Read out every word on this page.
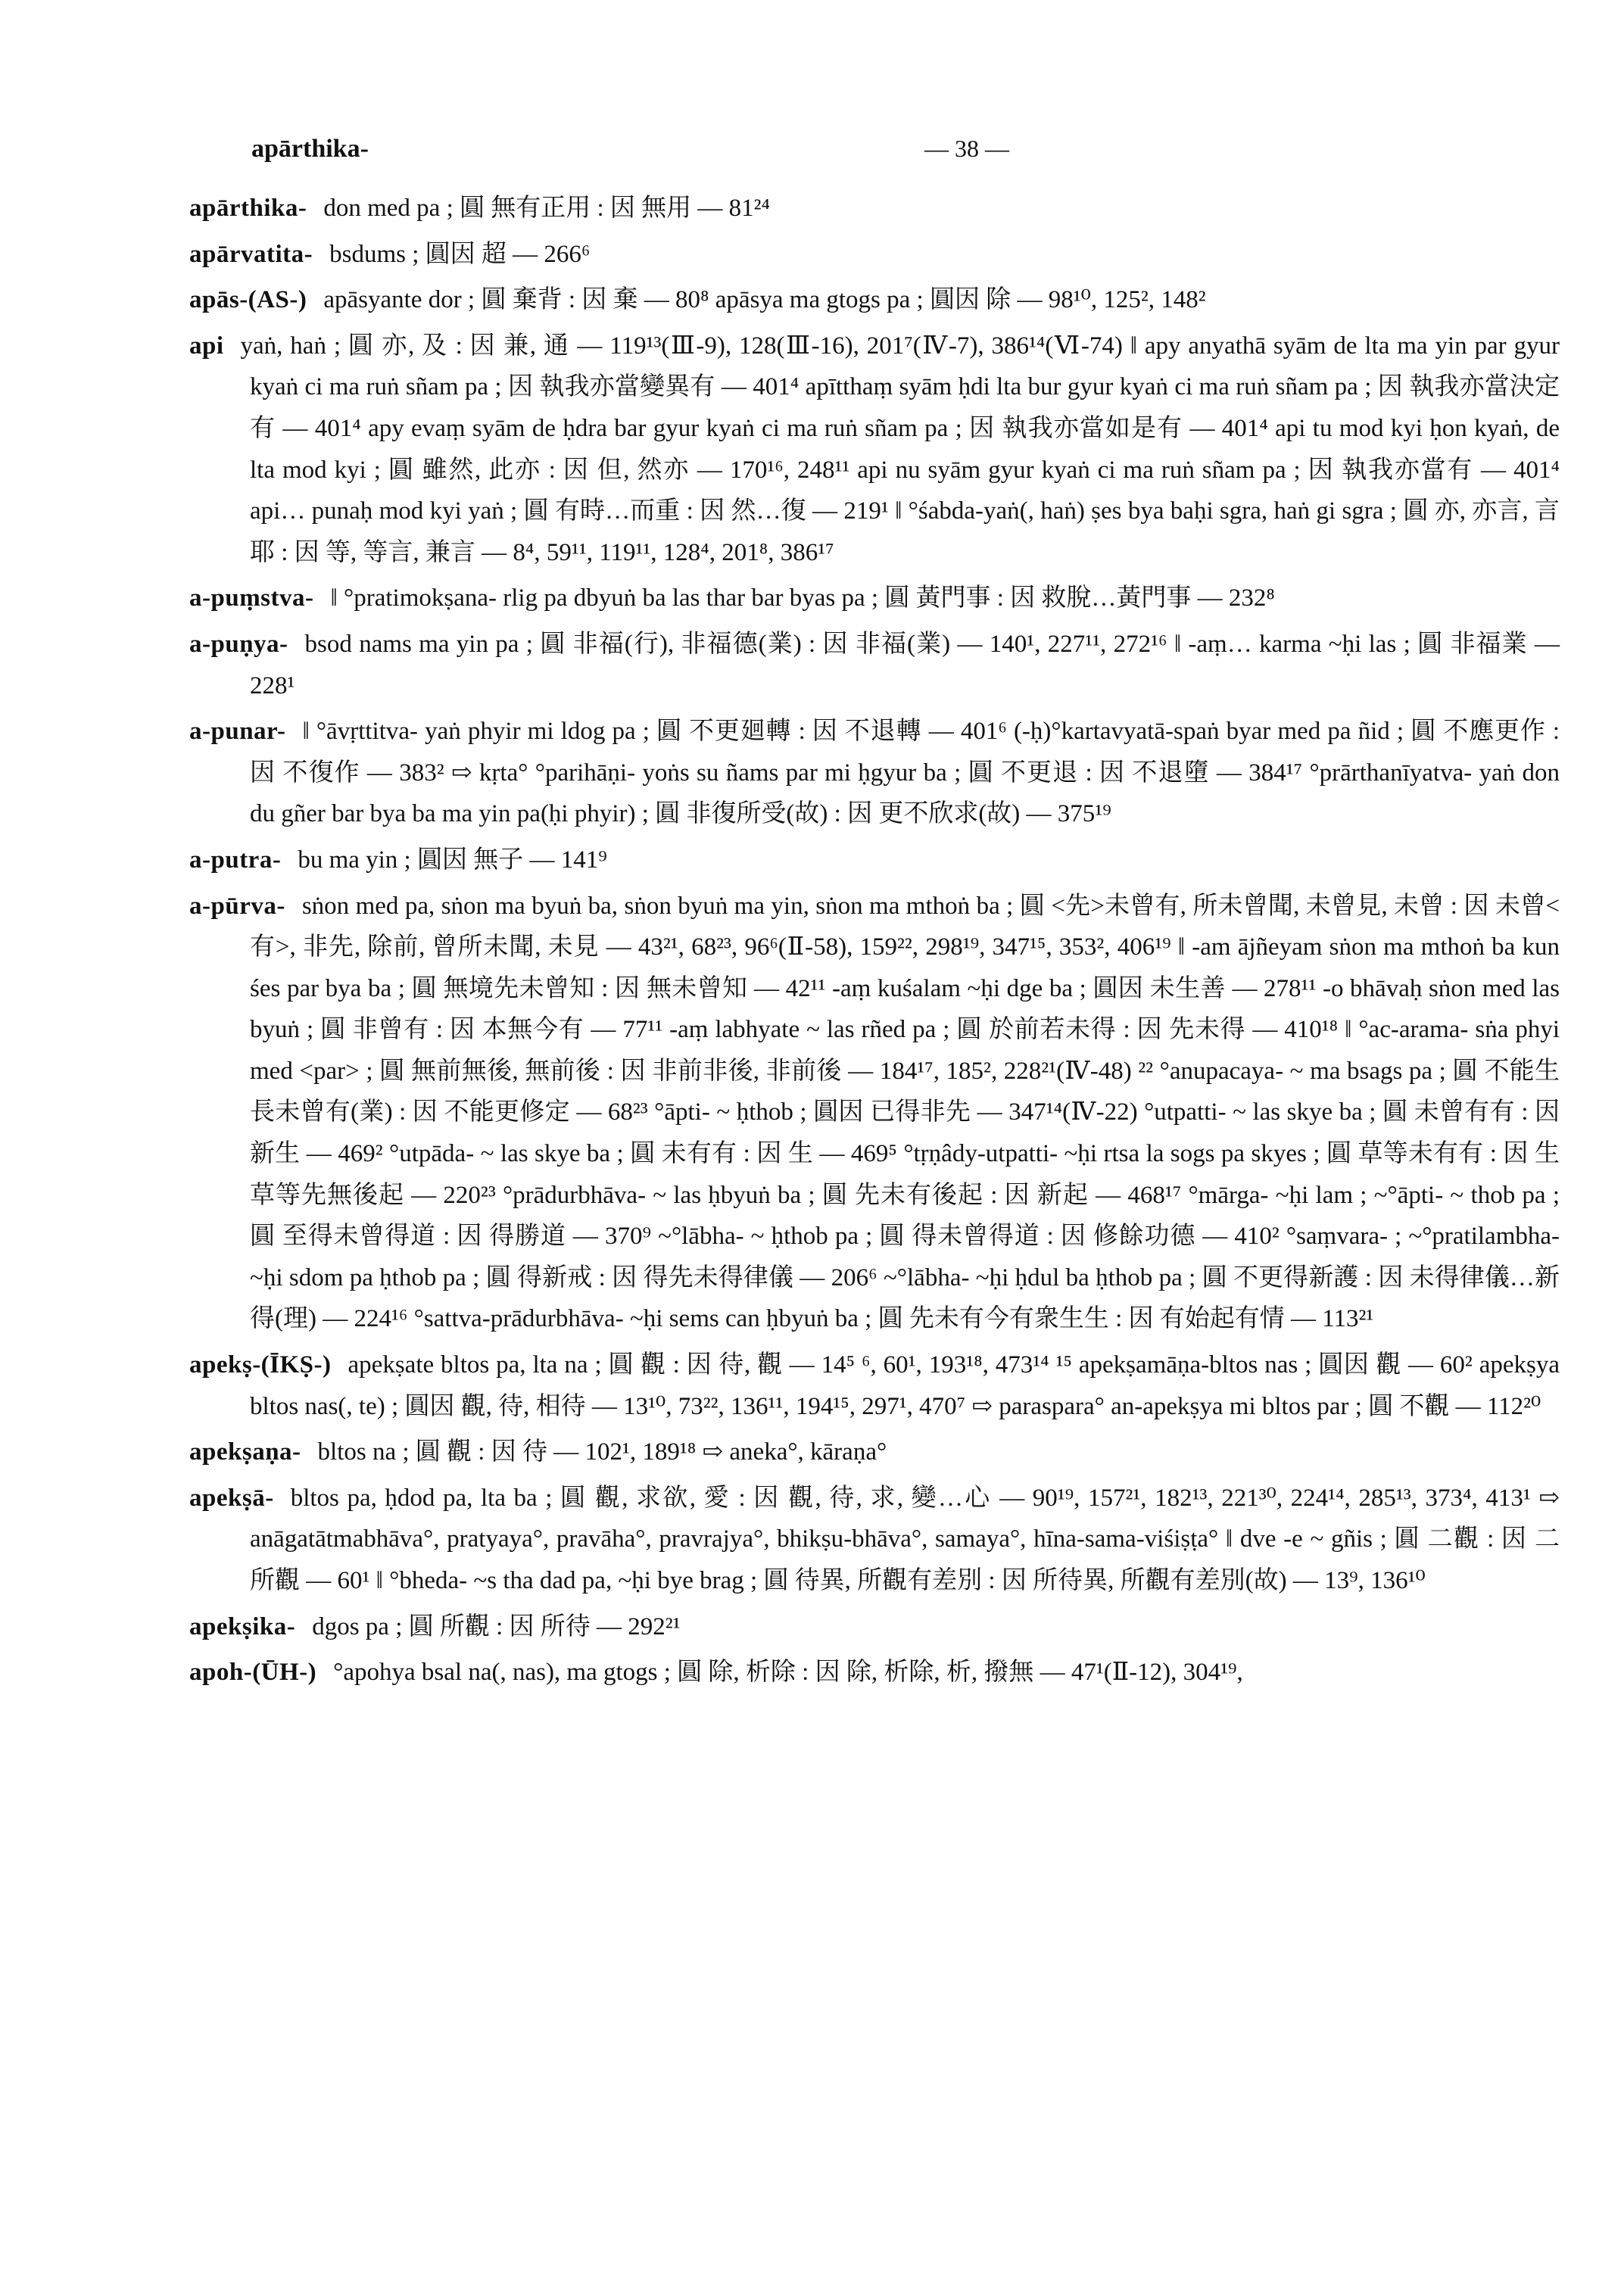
apārthika-	— 38 —

apārthika- don med pa ; 圓 無有正用 : 因 無用 — 81²⁴

apārvatita- bsdums ; 圓因 超 — 266⁶

apās-(AS-) apāsyante dor ; 圓 棄背 : 因 棄 — 80⁸ apāsya ma gtogs pa ; 圓因 除 — 98¹⁰, 125², 148²

api yaṅ, haṅ ; 圓 亦, 及 : 因 兼, 通 — 119¹³(Ⅲ-9), 128(Ⅲ-16), 201⁷(Ⅳ-7), 386¹⁴(Ⅵ-74) ‖ apy anyathā syām de lta ma yin par gyur kyaṅ ci ma ruṅ sñam pa ; 因 執我亦當變異有 — 401⁴ apītthaṃ syām ḥdi lta bur gyur kyaṅ ci ma ruṅ sñam pa ; 因 執我亦當決定有 — 401⁴ apy evaṃ syām de ḥdra bar gyur kyaṅ ci ma ruṅ sñam pa ; 因 執我亦當如是有 — 401⁴ api tu mod kyi ḥon kyaṅ, de lta mod kyi ; 圓 雖然, 此亦 : 因 但, 然亦 — 170¹⁶, 248¹¹ api nu syām gyur kyaṅ ci ma ruṅ sñam pa ; 因 執我亦當有 — 401⁴ api… punaḥ mod kyi yaṅ ; 圓 有時…而重 : 因 然…復 — 219¹ ‖ °śabda-yaṅ(, haṅ) ṣes bya baḥi sgra, haṅ gi sgra ; 圓 亦, 亦言, 言耶 : 因 等, 等言, 兼言 — 8⁴, 59¹¹, 119¹¹, 128⁴, 201⁸, 386¹⁷

a-puṃstva- ‖ °pratimokṣana- rlig pa dbyuṅ ba las thar bar byas pa ; 圓 黃門事 : 因 救脫…黃門事 — 232⁸

a-puṇya- bsod nams ma yin pa ; 圓 非福(行), 非福德(業) : 因 非福(業) — 140¹, 227¹¹, 272¹⁶ ‖ -aṃ… karma ~ḥi las ; 圓 非福業 — 228¹

a-punar- ‖ °āvṛttitva- yaṅ phyir mi ldog pa ; 圓 不更廻轉 : 因 不退轉 — 401⁶ (-ḥ)°kartavyatā-spaṅ byar med pa ñid ; 圓 不應更作 : 因 不復作 — 383² ⇨ kṛta° °parihāṇi- yoṅs su ñams par mi ḥgyur ba ; 圓 不更退 : 因 不退墮 — 384¹⁷ °prārthanīyatva- yaṅ don du gñer bar bya ba ma yin pa(ḥi phyir) ; 圓 非復所受(故) : 因 更不欣求(故) — 375¹⁹

a-putra- bu ma yin ; 圓因 無子 — 141⁹

a-pūrva- sṅon med pa, sṅon ma byuṅ ba, sṅon byuṅ ma yin, sṅon ma mthoṅ ba ; 圓 <先>未曾有, 所未曾聞, 未曾見, 未曾 : 因 未曾<有>, 非先, 除前, 曾所未聞, 未見 — 43²¹, 68²³, 96⁶(Ⅱ-58), 159²², 298¹⁹, 347¹⁵, 353², 406¹⁹ ‖ -am ājñeyam sṅon ma mthoṅ ba kun śes par bya ba ; 圓 無境先未曾知 : 因 無未曾知 — 42¹¹ -aṃ kuśalam ~ḥi dge ba ; 圓因 未生善 — 278¹¹ -o bhāvaḥ sṅon med las byuṅ ; 圓 非曾有 : 因 本無今有 — 77¹¹ -aṃ labhyate ~ las rñed pa ; 圓 於前若未得 : 因 先未得 — 410¹⁸ ‖ °ac-arama- sṅa phyi med <par> ; 圓 無前無後, 無前後 : 因 非前非後, 非前後 — 184¹⁷, 185², 228²¹(Ⅳ-48) ²² °anupacaya- ~ ma bsags pa ; 圓 不能生長未曾有(業) : 因 不能更修定 — 68²³ °āpti- ~ ḥthob ; 圓因 已得非先 — 347¹⁴(Ⅳ-22) °utpatti- ~ las skye ba ; 圓 未曾有有 : 因 新生 — 469² °utpāda- ~ las skye ba ; 圓 未有有 : 因 生 — 469⁵ °tṛṇâdy-utpatti- ~ḥi rtsa la sogs pa skyes ; 圓 草等未有有 : 因 生草等先無後起 — 220²³ °prādurbhāva- ~ las ḥbyuṅ ba ; 圓 先未有後起 : 因 新起 — 468¹⁷ °mārga- ~ḥi lam ; ~°āpti- ~ thob pa ; 圓 至得未曾得道 : 因 得勝道 — 370⁹ ~°lābha- ~ ḥthob pa ; 圓 得未曾得道 : 因 修餘功德 — 410² °saṃvara- ; ~°pratilambha- ~ḥi sdom pa ḥthob pa ; 圓 得新戒 : 因 得先未得律儀 — 206⁶ ~°lābha- ~ḥi ḥdul ba ḥthob pa ; 圓 不更得新護 : 因 未得律儀…新得(理) — 224¹⁶ °sattva-prādurbhāva- ~ḥi sems can ḥbyuṅ ba ; 圓 先未有今有衆生生 : 因 有始起有情 — 113²¹

apekṣ-(ĪKṢ-) apekṣate bltos pa, lta na ; 圓 觀 : 因 待, 觀 — 14⁵ ⁶, 60¹, 193¹⁸, 473¹⁴ ¹⁵ apekṣamāṇa-bltos nas ; 圓因 觀 — 60² apekṣya bltos nas(, te) ; 圓因 觀, 待, 相待 — 13¹⁰, 73²², 136¹¹, 194¹⁵, 297¹, 470⁷ ⇨ paraspara° an-apekṣya mi bltos par ; 圓 不觀 — 112²⁰

apekṣaṇa- bltos na ; 圓 觀 : 因 待 — 102¹, 189¹⁸ ⇨ aneka°, kāraṇa°

apekṣā- bltos pa, ḥdod pa, lta ba ; 圓 觀, 求欲, 愛 : 因 觀, 待, 求, 變…心 — 90¹⁹, 157²¹, 182¹³, 221³⁰, 224¹⁴, 285¹³, 373⁴, 413¹ ⇨ anāgatātmabhāva°, pratyaya°, pravāha°, pravrajya°, bhikṣu-bhāva°, samaya°, hīna-sama-viśiṣṭa° ‖ dve -e ~ gñis ; 圓 二觀 : 因 二所觀 — 60¹ ‖ °bheda- ~s tha dad pa, ~ḥi bye brag ; 圓 待異, 所觀有差別 : 因 所待異, 所觀有差別(故) — 13⁹, 136¹⁰

apekṣika- dgos pa ; 圓 所觀 : 因 所待 — 292²¹

apoh-(ŪH-) °apohya bsal na(, nas), ma gtogs ; 圓 除, 析除 : 因 除, 析除, 析, 撥無 — 47¹(Ⅱ-12), 304¹⁹,
